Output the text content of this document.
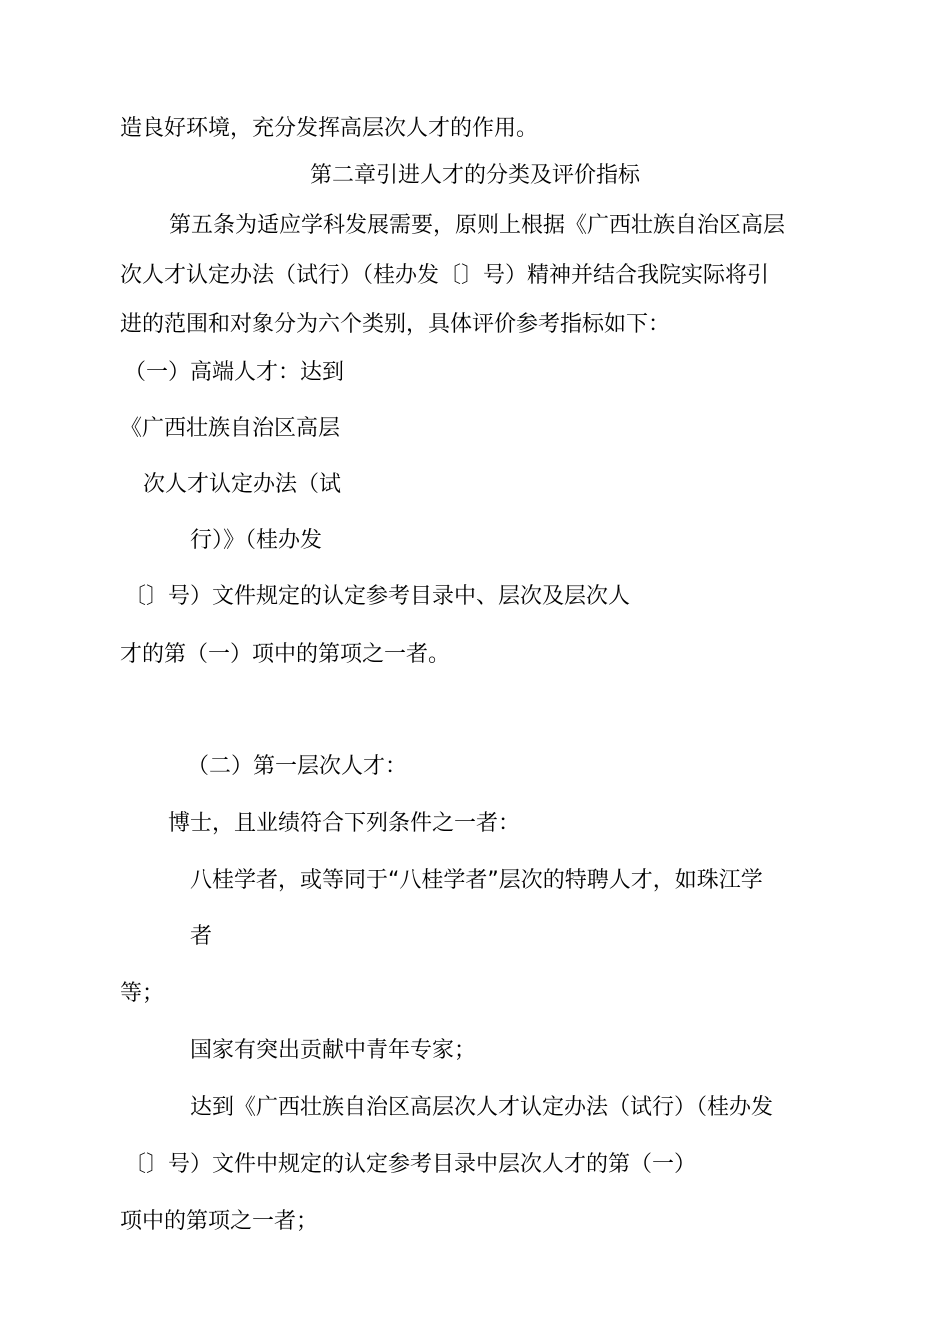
造良好环境，充分发挥高层次人才的作用。
第二章引进人才的分类及评价指标
第五条为适应学科发展需要，原则上根据《广西壮族自治区高层
次人才认定办法（试行）（桂办发〔〕号）精神并结合我院实际将引
进的范围和对象分为六个类别，具体评价参考指标如下：
（一）高端人才：达到
《广西壮族自治区高层
次人才认定办法（试
行）》（桂办发
〔〕号）文件规定的认定参考目录中、层次及层次人
才的第（一）项中的第项之一者。
（二）第一层次人才：
博士，且业绩符合下列条件之一者：
八桂学者，或等同于“八桂学者”层次的特聘人才，如珠江学
者
等；
国家有突出贡献中青年专家；
达到《广西壮族自治区高层次人才认定办法（试行）（桂办发
〔〕号）文件中规定的认定参考目录中层次人才的第（一）
项中的第项之一者；
